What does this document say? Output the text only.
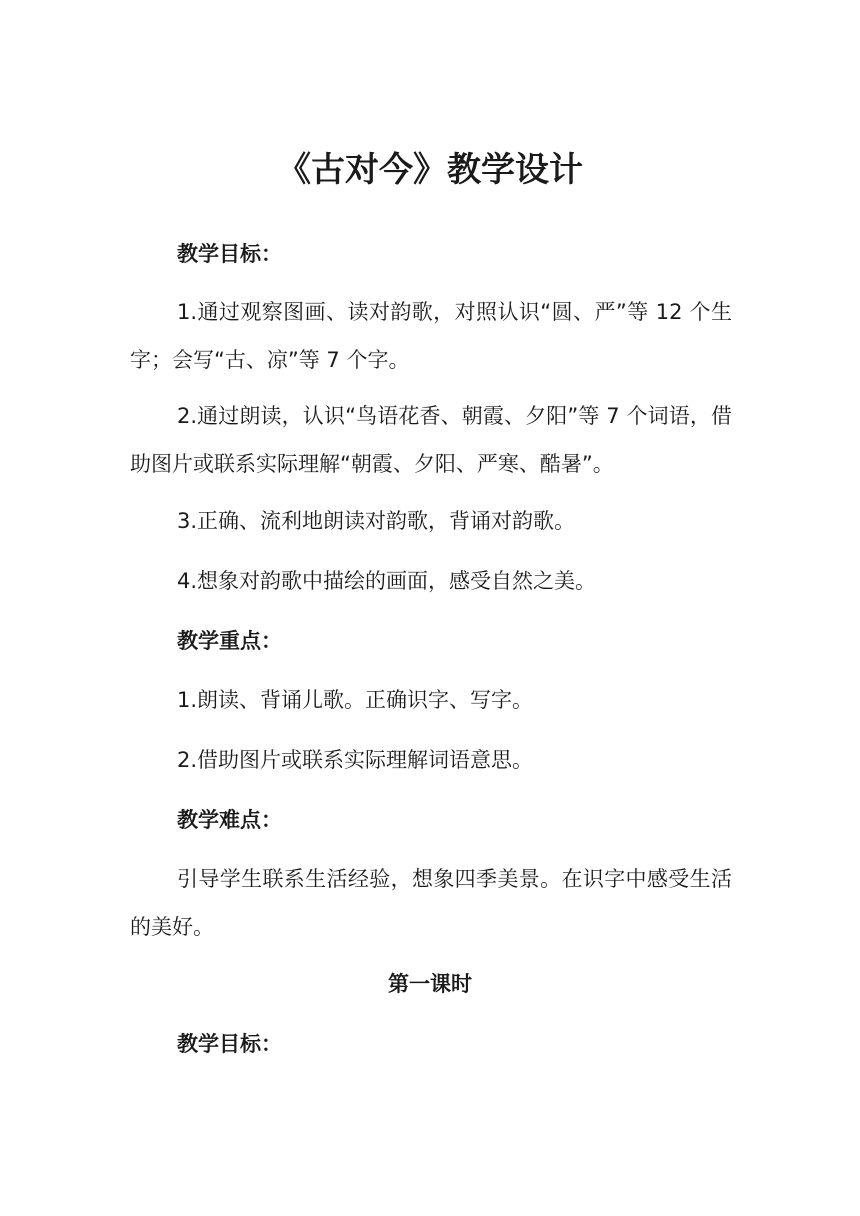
《古对今》教学设计
教学目标：
1.通过观察图画、读对韵歌，对照认识“圆、严”等 12 个生字；会写“古、凉”等 7 个字。
2.通过朗读，认识“鸟语花香、朝霞、夕阳”等 7 个词语，借助图片或联系实际理解“朝霞、夕阳、严寒、酷暑”。
3.正确、流利地朗读对韵歌，背诵对韵歌。
4.想象对韵歌中描绘的画面，感受自然之美。
教学重点：
1.朗读、背诵儿歌。正确识字、写字。
2.借助图片或联系实际理解词语意思。
教学难点：
引导学生联系生活经验，想象四季美景。在识字中感受生活的美好。
第一课时
教学目标：
